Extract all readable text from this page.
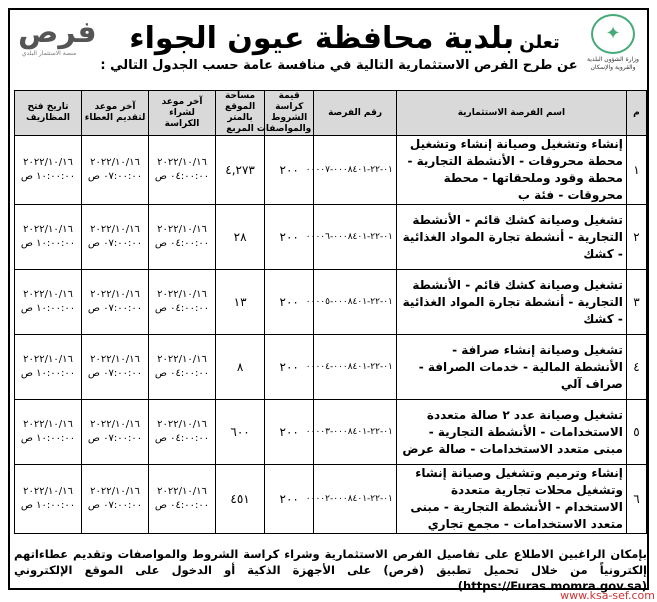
فرص
منصة الاستثمار البلدي
تعلن بلدية محافظة عيون الجواء
عن طرح الفرص الاستثمارية التالية في منافسة عامة حسب الجدول التالي :
✦
وزارة الشؤون البلدية والقروية والإسكان
م	اسم الفرصة الاستثمارية	رقم الفرصة	قيمة كراسة الشروط والمواصفات	مساحة الموقع بالمتر المربع	آخر موعد لشراء الكراسة	آخر موعد لتقديم العطاء	تاريخ فتح المظاريف
١	إنشاء وتشغيل وصيانة إنشاء وتشغيل محطة محروقات - الأنشطة التجارية - محطة وقود وملحقاتها - محطة محروقات - فئة ب	٠١-٢٢-٠٠٠٨٤٠١-٠٠٠٠٧	٢٠٠	٤,٢٧٣	٢٠٢٢/١٠/١٦ ٠٤:٠٠:٠٠ ص	٢٠٢٢/١٠/١٦ ٠٧:٠٠:٠٠ ص	٢٠٢٢/١٠/١٦ ١٠:٠٠:٠٠ ص
٢	تشغيل وصيانة كشك قائم - الأنشطة التجارية - أنشطة تجارة المواد الغذائية - كشك	٠١-٢٢-٠٠٠٨٤٠١-٠٠٠٠٦	٢٠٠	٢٨	٢٠٢٢/١٠/١٦ ٠٤:٠٠:٠٠ ص	٢٠٢٢/١٠/١٦ ٠٧:٠٠:٠٠ ص	٢٠٢٢/١٠/١٦ ١٠:٠٠:٠٠ ص
٣	تشغيل وصيانة كشك قائم - الأنشطة التجارية - أنشطة تجارة المواد الغذائية - كشك	٠١-٢٢-٠٠٠٨٤٠١-٠٠٠٠٥	٢٠٠	١٣	٢٠٢٢/١٠/١٦ ٠٤:٠٠:٠٠ ص	٢٠٢٢/١٠/١٦ ٠٧:٠٠:٠٠ ص	٢٠٢٢/١٠/١٦ ١٠:٠٠:٠٠ ص
٤	تشغيل وصيانة إنشاء صرافة - الأنشطة المالية - خدمات الصرافة - صراف آلي	٠١-٢٢-٠٠٠٨٤٠١-٠٠٠٠٤	٢٠٠	٨	٢٠٢٢/١٠/١٦ ٠٤:٠٠:٠٠ ص	٢٠٢٢/١٠/١٦ ٠٧:٠٠:٠٠ ص	٢٠٢٢/١٠/١٦ ١٠:٠٠:٠٠ ص
٥	تشغيل وصيانة عدد ٢ صالة متعددة الاستخدامات - الأنشطة التجارية - مبنى متعدد الاستخدامات - صالة عرض	٠١-٢٢-٠٠٠٨٤٠١-٠٠٠٠٣	٢٠٠	٦٠٠	٢٠٢٢/١٠/١٦ ٠٤:٠٠:٠٠ ص	٢٠٢٢/١٠/١٦ ٠٧:٠٠:٠٠ ص	٢٠٢٢/١٠/١٦ ١٠:٠٠:٠٠ ص
٦	إنشاء وترميم وتشغيل وصيانة إنشاء وتشغيل محلات تجارية متعددة الاستخدام - الأنشطة التجارية - مبنى متعدد الاستخدامات - مجمع تجاري	٠١-٢٢-٠٠٠٨٤٠١-٠٠٠٠٢	٢٠٠	٤٥١	٢٠٢٢/١٠/١٦ ٠٤:٠٠:٠٠ ص	٢٠٢٢/١٠/١٦ ٠٧:٠٠:٠٠ ص	٢٠٢٢/١٠/١٦ ١٠:٠٠:٠٠ ص
بإمكان الراغبين الاطلاع على تفاصيل الفرص الاستثمارية وشراء كراسة الشروط والمواصفات وتقديم عطاءاتهم إلكترونياً من خلال تحميل تطبيق (فرص) على الأجهزة الذكية أو الدخول على الموقع الإلكتروني (https://Furas.momra.gov.sa)
www.ksa-sef.com
